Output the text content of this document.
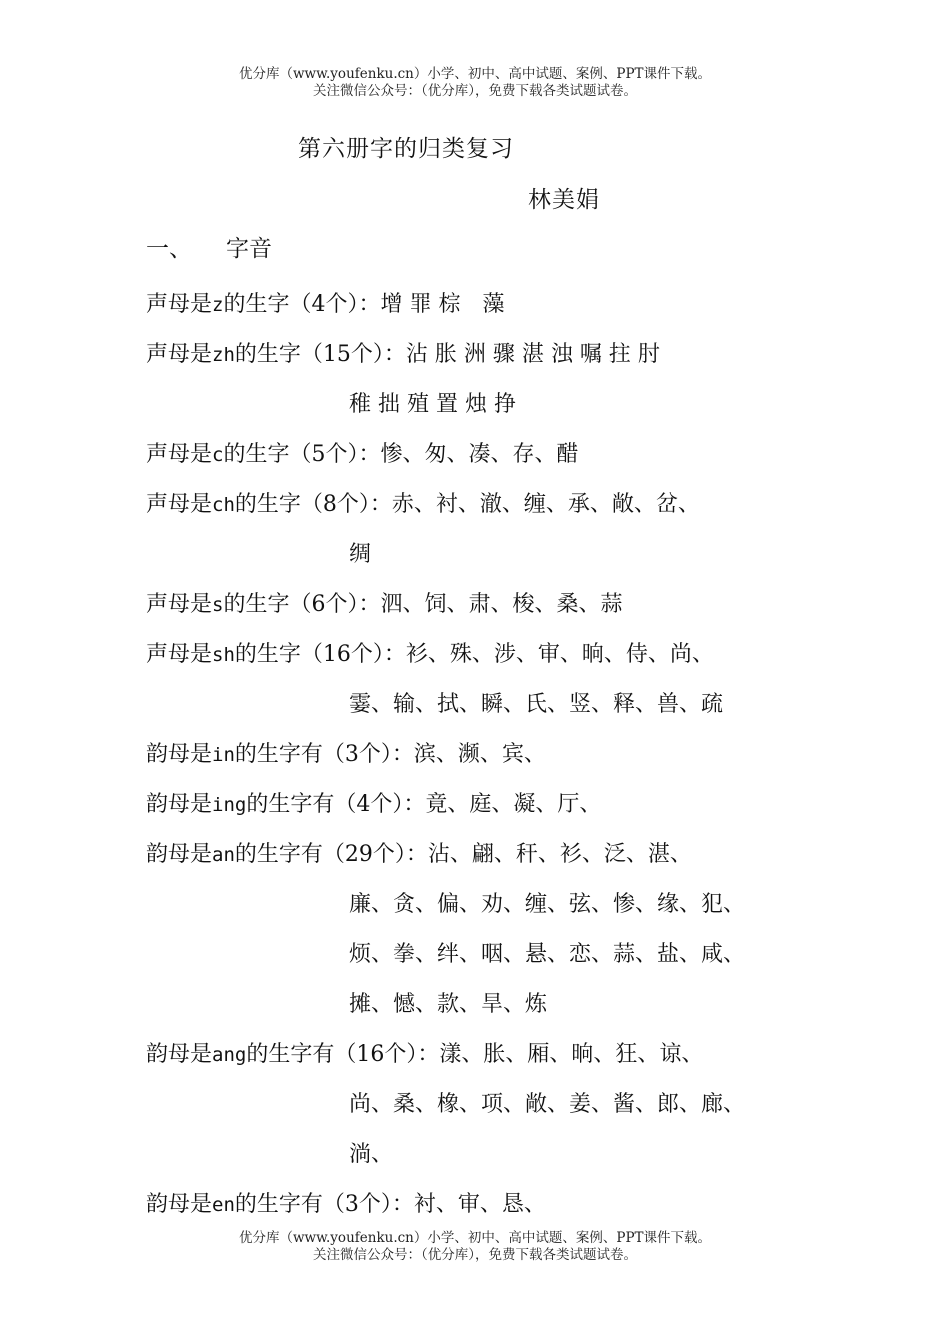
优分库（www.youfenku.cn）小学、初中、高中试题、案例、PPT课件下载。
关注微信公众号：（优分库），免费下载各类试题试卷。
第六册字的归类复习
林美娟
一、 字音
声母是z的生字（4个）：增 罪 棕　藻
声母是zh的生字（15个）：沾 胀 洲 骤 湛 浊 嘱 拄 肘
稚 拙 殖 置 烛 挣
声母是c的生字（5个）：惨、匆、凑、存、醋
声母是ch的生字（8个）：赤、衬、澈、缠、承、敞、岔、
绸
声母是s的生字（6个）：泗、饲、肃、梭、桑、蒜
声母是sh的生字（16个）：衫、殊、涉、审、晌、侍、尚、
霎、输、拭、瞬、氏、竖、释、兽、疏
韵母是in的生字有（3个）：滨、濒、宾、
韵母是ing的生字有（4个）：竟、庭、凝、厅、
韵母是an的生字有（29个）：沾、翩、秆、衫、泛、湛、
廉、贪、偏、劝、缠、弦、惨、缘、犯、
烦、拳、绊、咽、悬、恋、蒜、盐、咸、
摊、憾、款、旱、炼
韵母是ang的生字有（16个）：漾、胀、厢、晌、狂、谅、
尚、桑、橡、项、敞、姜、酱、郎、廊、
淌、
韵母是en的生字有（3个）：衬、审、恳、
优分库（www.youfenku.cn）小学、初中、高中试题、案例、PPT课件下载。
关注微信公众号：（优分库），免费下载各类试题试卷。
